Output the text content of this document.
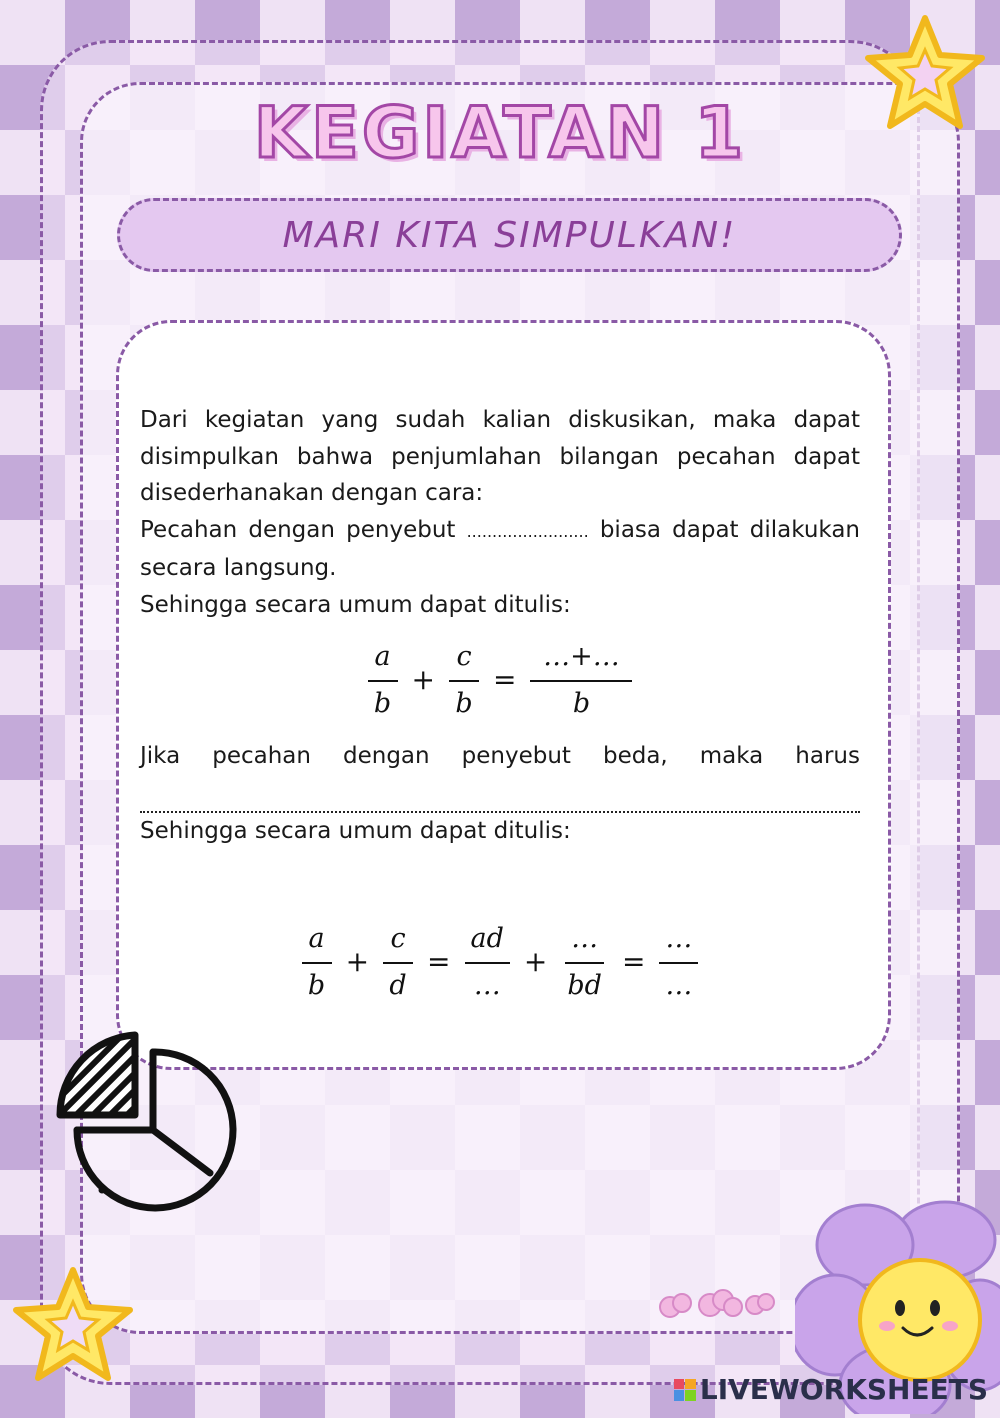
KEGIATAN 1
MARI KITA SIMPULKAN!

Dari kegiatan yang sudah kalian diskusikan, maka dapat disimpulkan bahwa penjumlahan bilangan pecahan dapat disederhanakan dengan cara:

Pecahan dengan penyebut ........................ biasa dapat dilakukan secara langsung.

Sehingga secara umum dapat ditulis:

$\frac{a}{b} + \frac{c}{b} = \frac{\dots+\dots}{b}$

Jika pecahan dengan penyebut beda, maka harus

Sehingga secara umum dapat ditulis:

$\frac{a}{b} + \frac{c}{d} = \frac{ad}{\dots} + \frac{\dots}{bd} = \frac{\dots}{\dots}$
LIVEWORKSHEETS
